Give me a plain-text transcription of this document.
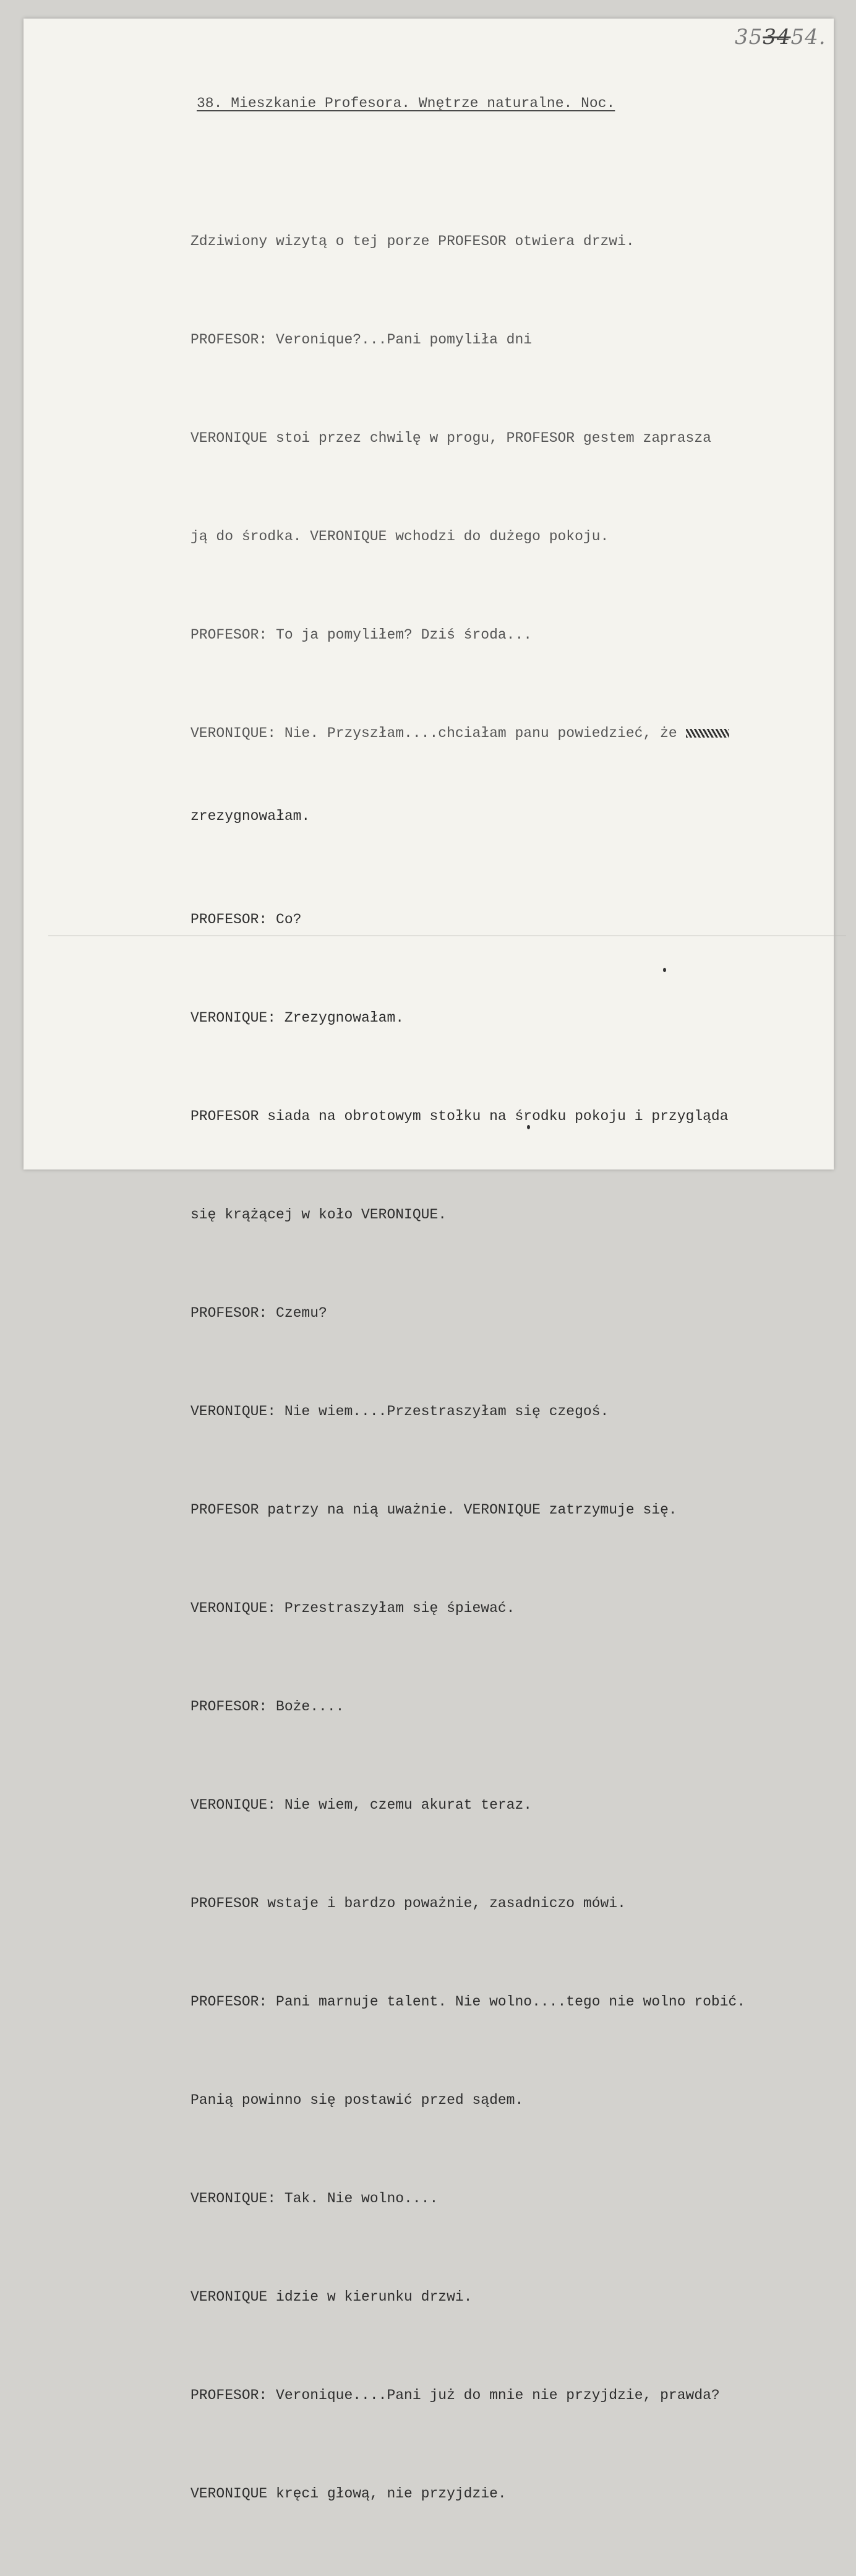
353454.
38. Mieszkanie Profesora. Wnętrze naturalne. Noc.

Zdziwiony wizytą o tej porze PROFESOR otwiera drzwi.

PROFESOR: Veronique?...Pani pomyliła dni

VERONIQUE stoi przez chwilę w progu, PROFESOR gestem zaprasza

ją do środka. VERONIQUE wchodzi do dużego pokoju.

PROFESOR: To ja pomyliłem? Dziś środa...

VERONIQUE: Nie. Przyszłam....chciałam panu powiedzieć, że

zrezygnowałam.

PROFESOR: Co?

VERONIQUE: Zrezygnowałam.

PROFESOR siada na obrotowym stołku na środku pokoju i przygląda

się krążącej w koło VERONIQUE.

PROFESOR: Czemu?

VERONIQUE: Nie wiem....Przestraszyłam się czegoś.

PROFESOR patrzy na nią uważnie. VERONIQUE zatrzymuje się.

VERONIQUE: Przestraszyłam się śpiewać.

PROFESOR: Boże....

VERONIQUE: Nie wiem, czemu akurat teraz.

PROFESOR wstaje i bardzo poważnie, zasadniczo mówi.

PROFESOR: Pani marnuje talent. Nie wolno....tego nie wolno robić.

Panią powinno się postawić przed sądem.

VERONIQUE: Tak. Nie wolno....

VERONIQUE idzie w kierunku drzwi.

PROFESOR: Veronique....Pani już do mnie nie przyjdzie, prawda?

VERONIQUE kręci głową, nie przyjdzie.
